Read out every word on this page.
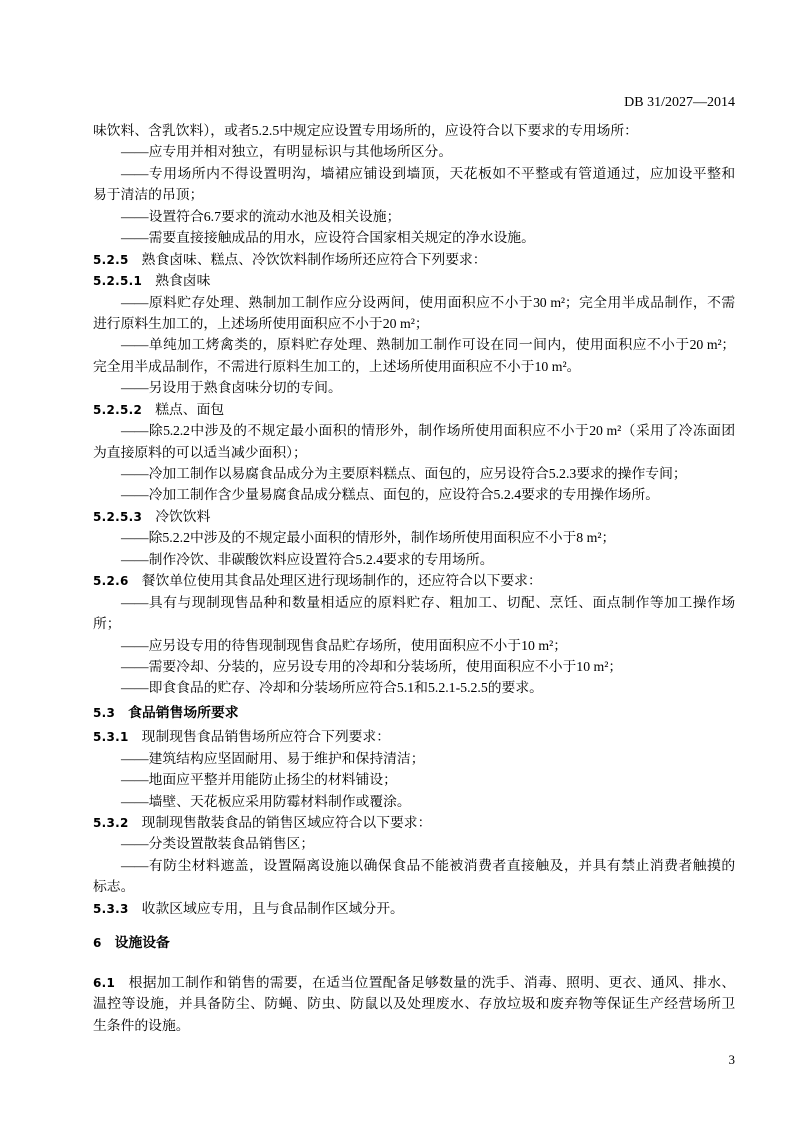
DB 31/2027—2014
味饮料、含乳饮料），或者5.2.5中规定应设置专用场所的，应设符合以下要求的专用场所：
——应专用并相对独立，有明显标识与其他场所区分。
——专用场所内不得设置明沟，墙裙应铺设到墙顶，天花板如不平整或有管道通过，应加设平整和
易于清洁的吊顶；
——设置符合6.7要求的流动水池及相关设施；
——需要直接接触成品的用水，应设符合国家相关规定的净水设施。
5.2.5 熟食卤味、糕点、冷饮饮料制作场所还应符合下列要求：
5.2.5.1 熟食卤味
——原料贮存处理、熟制加工制作应分设两间，使用面积应不小于30 m²；完全用半成品制作，不需
进行原料生加工的，上述场所使用面积应不小于20 m²；
——单纯加工烤禽类的，原料贮存处理、熟制加工制作可设在同一间内，使用面积应不小于20 m²；
完全用半成品制作，不需进行原料生加工的，上述场所使用面积应不小于10 m²。
——另设用于熟食卤味分切的专间。
5.2.5.2 糕点、面包
——除5.2.2中涉及的不规定最小面积的情形外，制作场所使用面积应不小于20 m²（采用了冷冻面团
为直接原料的可以适当减少面积）；
——冷加工制作以易腐食品成分为主要原料糕点、面包的，应另设符合5.2.3要求的操作专间；
——冷加工制作含少量易腐食品成分糕点、面包的，应设符合5.2.4要求的专用操作场所。
5.2.5.3 冷饮饮料
——除5.2.2中涉及的不规定最小面积的情形外，制作场所使用面积应不小于8 m²；
——制作冷饮、非碳酸饮料应设置符合5.2.4要求的专用场所。
5.2.6 餐饮单位使用其食品处理区进行现场制作的，还应符合以下要求：
——具有与现制现售品种和数量相适应的原料贮存、粗加工、切配、烹饪、面点制作等加工操作场
所；
——应另设专用的待售现制现售食品贮存场所，使用面积应不小于10 m²；
——需要冷却、分装的，应另设专用的冷却和分装场所，使用面积应不小于10 m²；
——即食食品的贮存、冷却和分装场所应符合5.1和5.2.1-5.2.5的要求。
5.3 食品销售场所要求
5.3.1 现制现售食品销售场所应符合下列要求：
——建筑结构应坚固耐用、易于维护和保持清洁；
——地面应平整并用能防止扬尘的材料铺设；
——墙壁、天花板应采用防霉材料制作或覆涂。
5.3.2 现制现售散装食品的销售区域应符合以下要求：
——分类设置散装食品销售区；
——有防尘材料遮盖，设置隔离设施以确保食品不能被消费者直接触及，并具有禁止消费者触摸的
标志。
5.3.3 收款区域应专用，且与食品制作区域分开。
6 设施设备
6.1 根据加工制作和销售的需要，在适当位置配备足够数量的洗手、消毒、照明、更衣、通风、排水、
温控等设施，并具备防尘、防蝇、防虫、防鼠以及处理废水、存放垃圾和废弃物等保证生产经营场所卫
生条件的设施。
3
